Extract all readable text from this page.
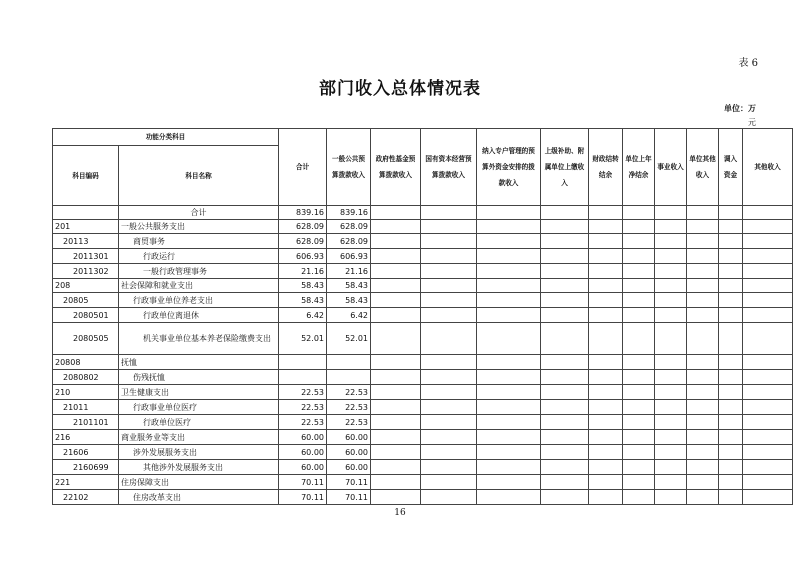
表 6
部门收入总体情况表
单位：万
元
功能分类科目		合计	一般公共预算拨款收入	政府性基金预算拨款收入	国有资本经营预算拨款收入	纳入专户管理的预算外资金安排的拨款收入	上级补助、附属单位上缴收入	财政结转结余	单位上年净结余	事业收入	单位其他收入	调入资金	其他收入
科目编码	科目名称												
	合计	839.16	839.16										
201	一般公共服务支出	628.09	628.09										
20113	商贸事务	628.09	628.09										
2011301	行政运行	606.93	606.93										
2011302	一般行政管理事务	21.16	21.16										
208	社会保障和就业支出	58.43	58.43										
20805	行政事业单位养老支出	58.43	58.43										
2080501	行政单位离退休	6.42	6.42										
2080505	机关事业单位基本养老保险缴费支出	52.01	52.01										
20808	抚恤												
2080802	伤残抚恤												
210	卫生健康支出	22.53	22.53										
21011	行政事业单位医疗	22.53	22.53										
2101101	行政单位医疗	22.53	22.53										
216	商业服务业等支出	60.00	60.00										
21606	涉外发展服务支出	60.00	60.00										
2160699	其他涉外发展服务支出	60.00	60.00										
221	住房保障支出	70.11	70.11										
22102	住房改革支出	70.11	70.11										
16
